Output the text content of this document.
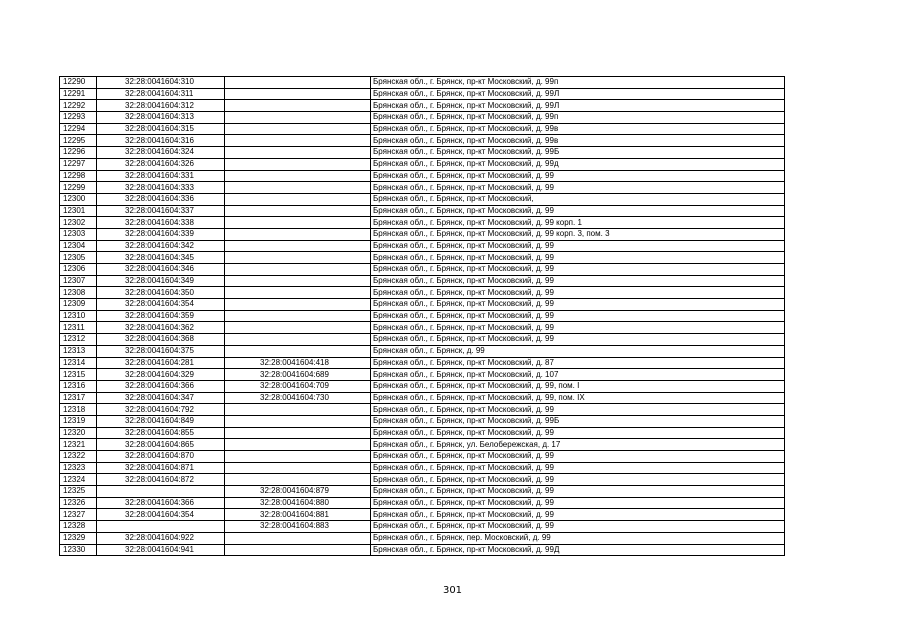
12290	32:28:0041604:310		Брянская обл., г. Брянск, пр-кт Московский, д. 99п
12291	32:28:0041604:311		Брянская обл., г. Брянск, пр-кт Московский, д. 99Л
12292	32:28:0041604:312		Брянская обл., г. Брянск, пр-кт Московский, д. 99Л
12293	32:28:0041604:313		Брянская обл., г. Брянск, пр-кт Московский, д. 99п
12294	32:28:0041604:315		Брянская обл., г. Брянск, пр-кт Московский, д. 99в
12295	32:28:0041604:316		Брянская обл., г. Брянск, пр-кт Московский, д. 99в
12296	32:28:0041604:324		Брянская обл., г. Брянск, пр-кт Московский, д. 99Б
12297	32:28:0041604:326		Брянская обл., г. Брянск, пр-кт Московский, д. 99д
12298	32:28:0041604:331		Брянская обл., г. Брянск, пр-кт Московский, д. 99
12299	32:28:0041604:333		Брянская обл., г. Брянск, пр-кт Московский, д. 99
12300	32:28:0041604:336		Брянская обл., г. Брянск, пр-кт Московский,
12301	32:28:0041604:337		Брянская обл., г. Брянск, пр-кт Московский, д. 99
12302	32:28:0041604:338		Брянская обл., г. Брянск, пр-кт Московский, д. 99 корп. 1
12303	32:28:0041604:339		Брянская обл., г. Брянск, пр-кт Московский, д. 99 корп. 3, пом. 3
12304	32:28:0041604:342		Брянская обл., г. Брянск, пр-кт Московский, д. 99
12305	32:28:0041604:345		Брянская обл., г. Брянск, пр-кт Московский, д. 99
12306	32:28:0041604:346		Брянская обл., г. Брянск, пр-кт Московский, д. 99
12307	32:28:0041604:349		Брянская обл., г. Брянск, пр-кт Московский, д. 99
12308	32:28:0041604:350		Брянская обл., г. Брянск, пр-кт Московский, д. 99
12309	32:28:0041604:354		Брянская обл., г. Брянск, пр-кт Московский, д. 99
12310	32:28:0041604:359		Брянская обл., г. Брянск, пр-кт Московский, д. 99
12311	32:28:0041604:362		Брянская обл., г. Брянск, пр-кт Московский, д. 99
12312	32:28:0041604:368		Брянская обл., г. Брянск, пр-кт Московский, д. 99
12313	32:28:0041604:375		Брянская обл., г. Брянск, д. 99
12314	32:28:0041604:281	32:28:0041604:418	Брянская обл., г. Брянск, пр-кт Московский, д. 87
12315	32:28:0041604:329	32:28:0041604:689	Брянская обл., г. Брянск, пр-кт Московский, д. 107
12316	32:28:0041604:366	32:28:0041604:709	Брянская обл., г. Брянск, пр-кт Московский, д. 99, пом. I
12317	32:28:0041604:347	32:28:0041604:730	Брянская обл., г. Брянск, пр-кт Московский, д. 99, пом. IX
12318	32:28:0041604:792		Брянская обл., г. Брянск, пр-кт Московский, д. 99
12319	32:28:0041604:849		Брянская обл., г. Брянск, пр-кт Московский, д. 99Б
12320	32:28:0041604:855		Брянская обл., г. Брянск, пр-кт Московский, д. 99
12321	32:28:0041604:865		Брянская обл., г. Брянск, ул. Белобережская, д. 17
12322	32:28:0041604:870		Брянская обл., г. Брянск, пр-кт Московский, д. 99
12323	32:28:0041604:871		Брянская обл., г. Брянск, пр-кт Московский, д. 99
12324	32:28:0041604:872		Брянская обл., г. Брянск, пр-кт Московский, д. 99
12325		32:28:0041604:879	Брянская обл., г. Брянск, пр-кт Московский, д. 99
12326	32:28:0041604:366	32:28:0041604:880	Брянская обл., г. Брянск, пр-кт Московский, д. 99
12327	32:28:0041604:354	32:28:0041604:881	Брянская обл., г. Брянск, пр-кт Московский, д. 99
12328		32:28:0041604:883	Брянская обл., г. Брянск, пр-кт Московский, д. 99
12329	32:28:0041604:922		Брянская обл., г. Брянск, пер. Московский, д. 99
12330	32:28:0041604:941		Брянская обл., г. Брянск, пр-кт Московский, д. 99Д
301
